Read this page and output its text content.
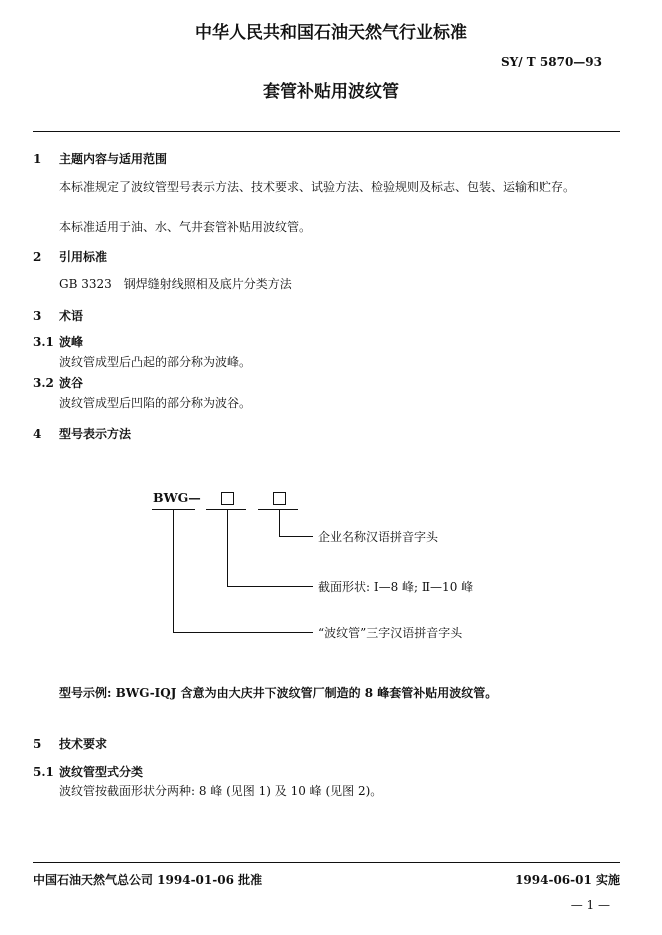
中华人民共和国石油天然气行业标准
SY/ T 5870—93
套管补贴用波纹管
1 主题内容与适用范围
本标准规定了波纹管型号表示方法、技术要求、试验方法、检验规则及标志、包装、运输和贮存。
本标准适用于油、水、气井套管补贴用波纹管。
2 引用标准
GB 3323 钢焊缝射线照相及底片分类方法
3 术语
3.1 波峰
波纹管成型后凸起的部分称为波峰。
3.2 波谷
波纹管成型后凹陷的部分称为波谷。
4 型号表示方法
BWG—
企业名称汉语拼音字头
截面形状: Ⅰ—8 峰; Ⅱ—10 峰
“波纹管”三字汉语拼音字头
型号示例: BWG-IQJ 含意为由大庆井下波纹管厂制造的 8 峰套管补贴用波纹管。
5 技术要求
5.1 波纹管型式分类
波纹管按截面形状分两种: 8 峰 (见图 1) 及 10 峰 (见图 2)。
中国石油天然气总公司 1994-01-06 批准	1994-06-01 实施
— 1 —
